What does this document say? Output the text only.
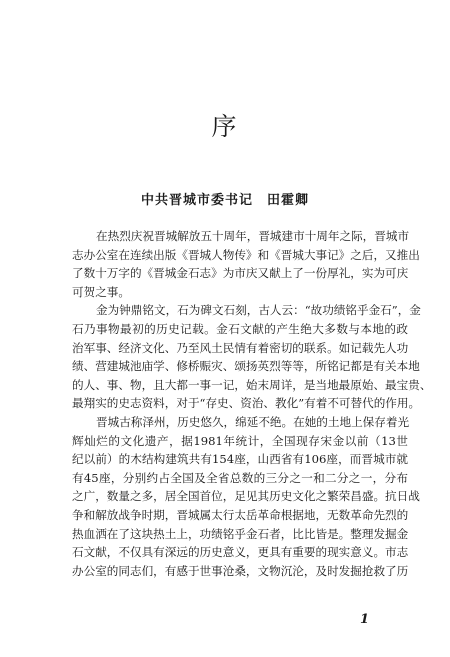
序
中共晋城市委书记　田霍卿
在热烈庆祝晋城解放五十周年，晋城建市十周年之际，晋城市
志办公室在连续出版《晋城人物传》和《晋城大事记》之后，又推出
了数十万字的《晋城金石志》为市庆又献上了一份厚礼，实为可庆
可贺之事。
金为钟鼎铭文，石为碑文石刻，古人云：“故功绩铭乎金石”，金
石乃事物最初的历史记载。金石文献的产生绝大多数与本地的政
治军事、经济文化、乃至风土民情有着密切的联系。如记载先人功
绩、营建城池庙学、修桥赈灾、颂扬英烈等等，所铭记都是有关本地
的人、事、物，且大都一事一记，始末周详，是当地最原始、最宝贵、
最翔实的史志资料，对于“存史、资治、教化”有着不可替代的作用。
晋城古称泽州，历史悠久，绵延不绝。在她的土地上保存着光
辉灿烂的文化遗产，据1981年统计，全国现存宋金以前（13世
纪以前）的木结构建筑共有154座，山西省有106座，而晋城市就
有45座，分别约占全国及全省总数的三分之一和二分之一，分布
之广，数量之多，居全国首位，足见其历史文化之繁荣昌盛。抗日战
争和解放战争时期，晋城属太行太岳革命根据地，无数革命先烈的
热血洒在了这块热土上，功绩铭乎金石者，比比皆是。整理发掘金
石文献，不仅具有深远的历史意义，更具有重要的现实意义。市志
办公室的同志们，有感于世事沧桑，文物沉沦，及时发掘抢救了历
1
